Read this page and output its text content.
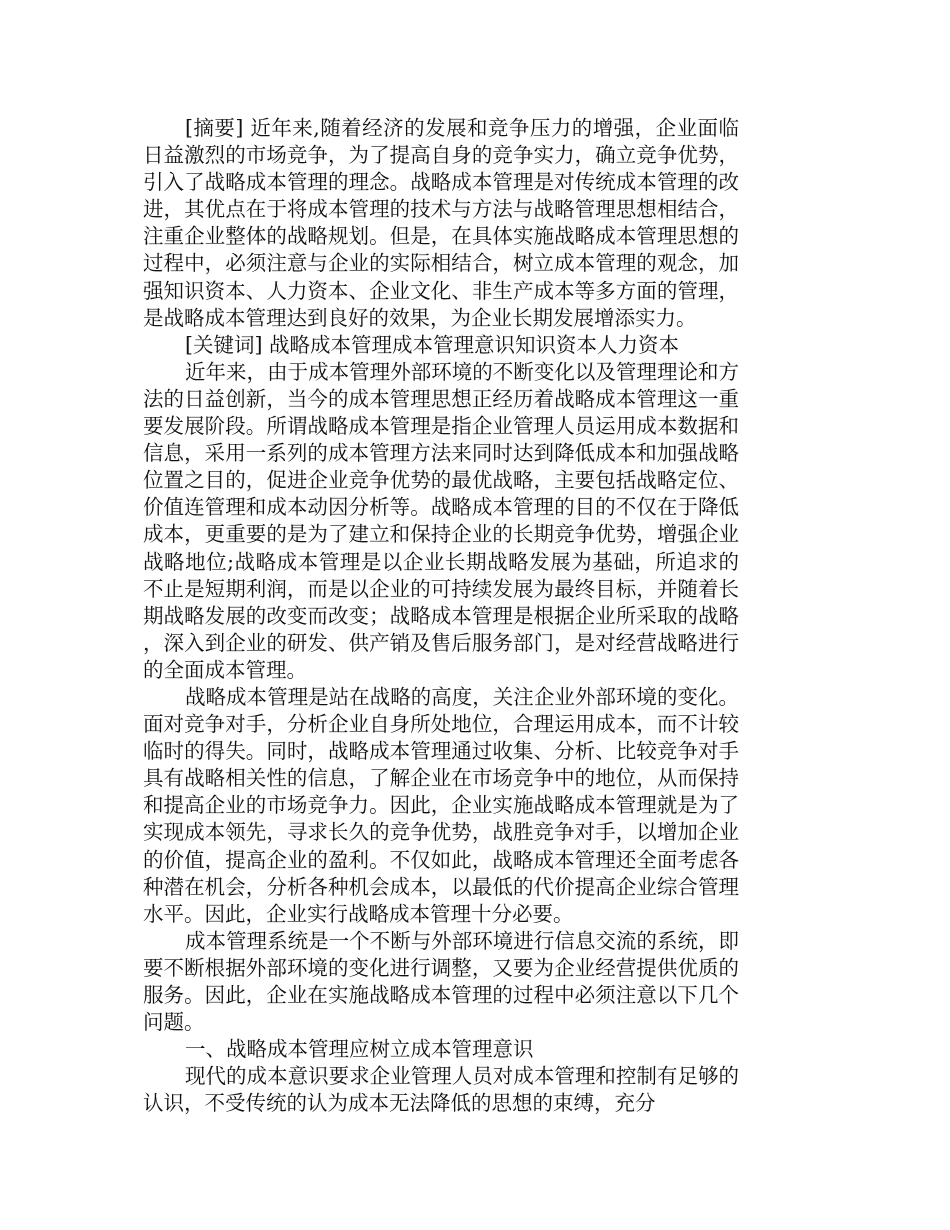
[摘要] 近年来,随着经济的发展和竞争压力的增强，企业面临日益激烈的市场竞争，为了提高自身的竞争实力，确立竞争优势，引入了战略成本管理的理念。战略成本管理是对传统成本管理的改进，其优点在于将成本管理的技术与方法与战略管理思想相结合，注重企业整体的战略规划。但是，在具体实施战略成本管理思想的过程中，必须注意与企业的实际相结合，树立成本管理的观念，加强知识资本、人力资本、企业文化、非生产成本等多方面的管理，是战略成本管理达到良好的效果，为企业长期发展增添实力。

[关键词] 战略成本管理成本管理意识知识资本人力资本

近年来，由于成本管理外部环境的不断变化以及管理理论和方法的日益创新，当今的成本管理思想正经历着战略成本管理这一重要发展阶段。所谓战略成本管理是指企业管理人员运用成本数据和信息，采用一系列的成本管理方法来同时达到降低成本和加强战略位置之目的，促进企业竞争优势的最优战略，主要包括战略定位、价值连管理和成本动因分析等。战略成本管理的目的不仅在于降低成本，更重要的是为了建立和保持企业的长期竞争优势，增强企业战略地位;战略成本管理是以企业长期战略发展为基础，所追求的不止是短期利润，而是以企业的可持续发展为最终目标，并随着长期战略发展的改变而改变；战略成本管理是根据企业所采取的战略，深入到企业的研发、供产销及售后服务部门，是对经营战略进行的全面成本管理。

战略成本管理是站在战略的高度，关注企业外部环境的变化。面对竞争对手，分析企业自身所处地位，合理运用成本，而不计较临时的得失。同时，战略成本管理通过收集、分析、比较竞争对手具有战略相关性的信息，了解企业在市场竞争中的地位，从而保持和提高企业的市场竞争力。因此，企业实施战略成本管理就是为了实现成本领先，寻求长久的竞争优势，战胜竞争对手，以增加企业的价值，提高企业的盈利。不仅如此，战略成本管理还全面考虑各种潜在机会，分析各种机会成本，以最低的代价提高企业综合管理水平。因此，企业实行战略成本管理十分必要。

成本管理系统是一个不断与外部环境进行信息交流的系统，即要不断根据外部环境的变化进行调整，又要为企业经营提供优质的服务。因此，企业在实施战略成本管理的过程中必须注意以下几个问题。

一、战略成本管理应树立成本管理意识

现代的成本意识要求企业管理人员对成本管理和控制有足够的认识，不受传统的认为成本无法降低的思想的束缚，充分
